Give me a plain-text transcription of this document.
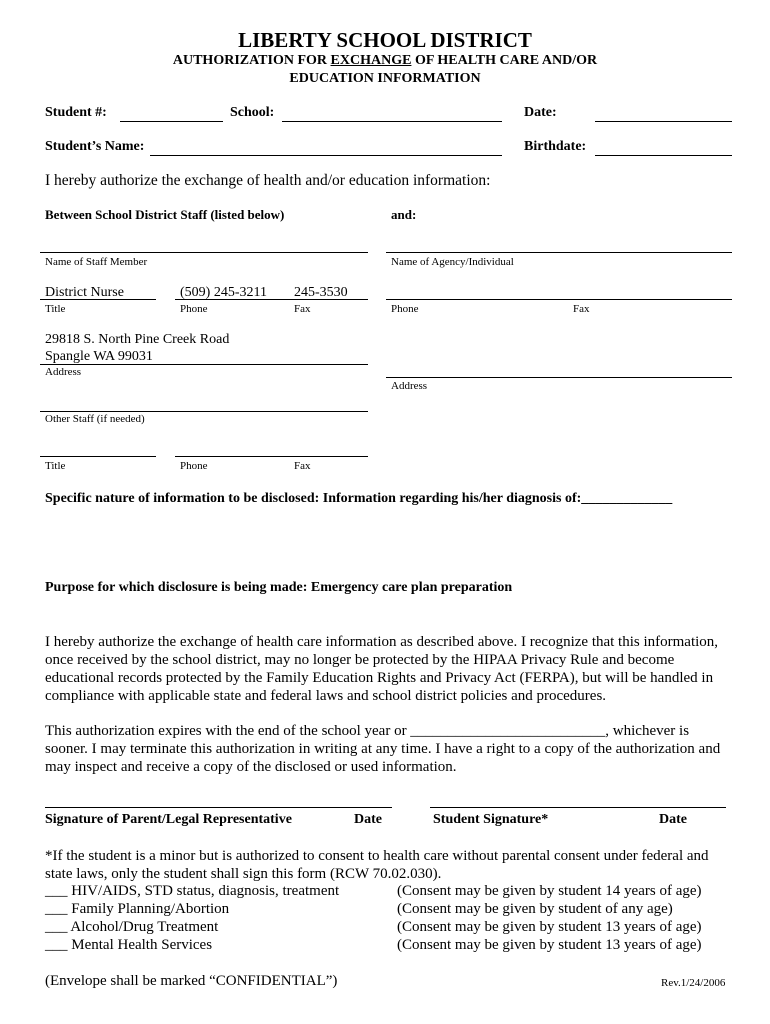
LIBERTY SCHOOL DISTRICT
AUTHORIZATION FOR EXCHANGE OF HEALTH CARE AND/OR
EDUCATION INFORMATION
Student #:	School:	Date:
Student’s Name:	Birthdate:
I hereby authorize the exchange of health and/or education information:
Between School District Staff (listed below)	and:
Name of Staff Member	Name of Agency/Individual
District Nurse	(509) 245-3211 245-3530
Title	Phone	Fax	Phone	Fax
29818 S. North Pine Creek Road
Spangle WA 99031
Address
Address
Other Staff (if needed)
Title	Phone	Fax
Specific nature of information to be disclosed: Information regarding his/her diagnosis of:_____________
Purpose for which disclosure is being made: Emergency care plan preparation
I hereby authorize the exchange of health care information as described above. I recognize that this information, once received by the school district, may no longer be protected by the HIPAA Privacy Rule and become educational records protected by the Family Education Rights and Privacy Act (FERPA), but will be handled in compliance with applicable state and federal laws and school district policies and procedures.
This authorization expires with the end of the school year or __________________________, whichever is sooner. I may terminate this authorization in writing at any time. I have a right to a copy of the authorization and may inspect and receive a copy of the disclosed or used information.
Signature of Parent/Legal Representative	Date	Student Signature*	Date
*If the student is a minor but is authorized to consent to health care without parental consent under federal and state laws, only the student shall sign this form (RCW 70.02.030).
___ HIV/AIDS, STD status, diagnosis, treatment	(Consent may be given by student 14 years of age)
___ Family Planning/Abortion	(Consent may be given by student of any age)
___ Alcohol/Drug Treatment	(Consent may be given by student 13 years of age)
___ Mental Health Services	(Consent may be given by student 13 years of age)
(Envelope shall be marked “CONFIDENTIAL”)	Rev.1/24/2006
